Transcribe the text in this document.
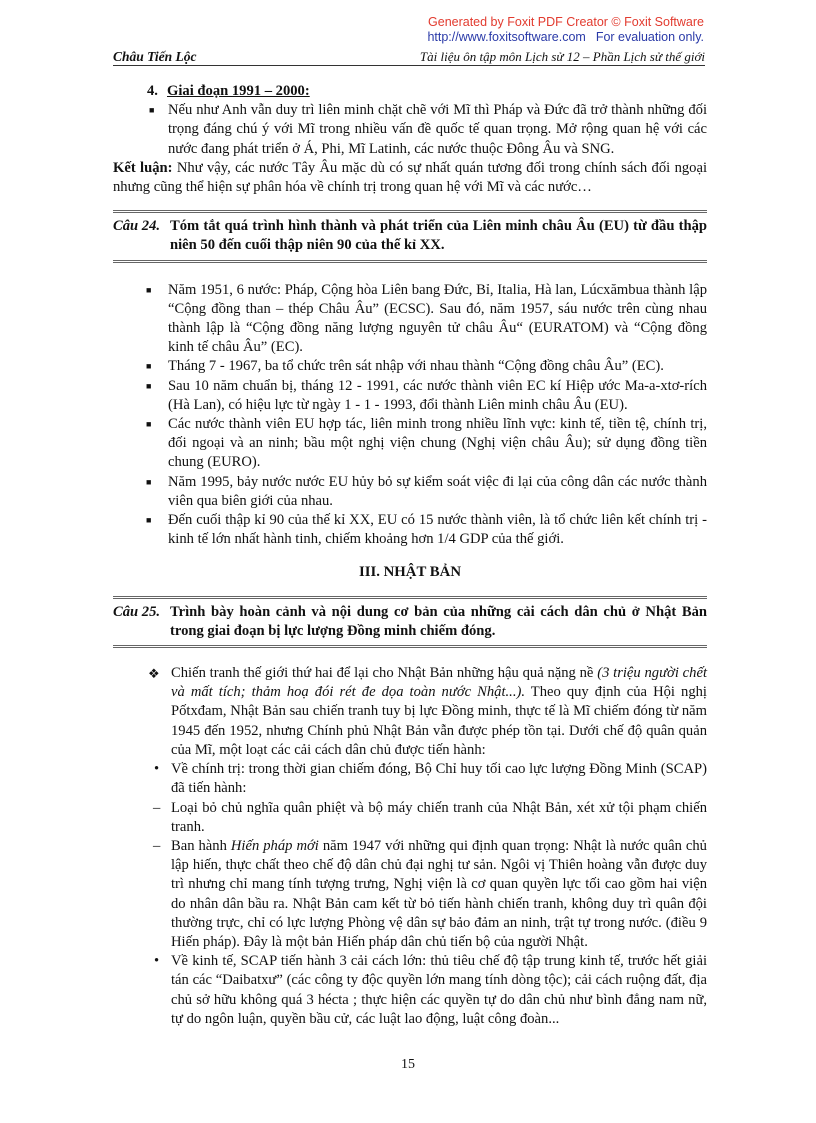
Generated by Foxit PDF Creator © Foxit Software
http://www.foxitsoftware.com For evaluation only.
Châu Tiến Lộc	Tài liệu ôn tập môn Lịch sử 12 – Phần Lịch sử thế giới
4. Giai đoạn 1991 – 2000:
■ Nếu như Anh vẫn duy trì liên minh chặt chẽ với Mĩ thì Pháp và Đức đã trở thành những đối trọng đáng chú ý với Mĩ trong nhiều vấn đề quốc tế quan trọng. Mở rộng quan hệ với các nước đang phát triển ở Á, Phi, Mĩ Latinh, các nước thuộc Đông Âu và SNG.
Kết luận: Như vậy, các nước Tây Âu mặc dù có sự nhất quán tương đối trong chính sách đối ngoại nhưng cũng thể hiện sự phân hóa về chính trị trong quan hệ với Mĩ và các nước…
Câu 24. Tóm tắt quá trình hình thành và phát triển của Liên minh châu Âu (EU) từ đầu thập niên 50 đến cuối thập niên 90 của thế kỉ XX.
■ Năm 1951, 6 nước: Pháp, Cộng hòa Liên bang Đức, Bỉ, Italia, Hà lan, Lúcxămbua thành lập “Cộng đồng than – thép Châu Âu” (ECSC). Sau đó, năm 1957, sáu nước trên cùng nhau thành lập là “Cộng đồng năng lượng nguyên tử châu Âu“ (EURATOM) và “Cộng đồng kinh tế châu Âu” (EC).
■ Tháng 7 - 1967, ba tổ chức trên sát nhập với nhau thành “Cộng đồng châu Âu” (EC).
■ Sau 10 năm chuẩn bị, tháng 12 - 1991, các nước thành viên EC kí Hiệp ước Ma-a-xtơ-rích (Hà Lan), có hiệu lực từ ngày 1 - 1 - 1993, đổi thành Liên minh châu Âu (EU).
■ Các nước thành viên EU hợp tác, liên minh trong nhiều lĩnh vực: kinh tế, tiền tệ, chính trị, đối ngoại và an ninh; bầu một nghị viện chung (Nghị viện châu Âu); sử dụng đồng tiền chung (EURO).
■ Năm 1995, bảy nước nước EU hủy bỏ sự kiểm soát việc đi lại của công dân các nước thành viên qua biên giới của nhau.
■ Đến cuối thập kỉ 90 của thế kỉ XX, EU có 15 nước thành viên, là tổ chức liên kết chính trị - kinh tế lớn nhất hành tinh, chiếm khoảng hơn 1/4 GDP của thế giới.
III. NHẬT BẢN
Câu 25. Trình bày hoàn cảnh và nội dung cơ bản của những cải cách dân chủ ở Nhật Bản trong giai đoạn bị lực lượng Đồng minh chiếm đóng.
❖ Chiến tranh thế giới thứ hai để lại cho Nhật Bản những hậu quả nặng nề (3 triệu người chết và mất tích; thảm hoạ đói rét đe dọa toàn nước Nhật...). Theo quy định của Hội nghị Pốtxđam, Nhật Bản sau chiến tranh tuy bị lực Đồng minh, thực tế là Mĩ chiếm đóng từ năm 1945 đến 1952, nhưng Chính phủ Nhật Bản vẫn được phép tồn tại. Dưới chế độ quân quản của Mĩ, một loạt các cải cách dân chủ được tiến hành:
• Về chính trị: trong thời gian chiếm đóng, Bộ Chỉ huy tối cao lực lượng Đồng Minh (SCAP) đã tiến hành:
– Loại bỏ chủ nghĩa quân phiệt và bộ máy chiến tranh của Nhật Bản, xét xử tội phạm chiến tranh.
– Ban hành Hiến pháp mới năm 1947 với những qui định quan trọng: Nhật là nước quân chủ lập hiến, thực chất theo chế độ dân chủ đại nghị tư sản. Ngôi vị Thiên hoàng vẫn được duy trì nhưng chỉ mang tính tượng trưng, Nghị viện là cơ quan quyền lực tối cao gồm hai viện do nhân dân bầu ra. Nhật Bản cam kết từ bỏ tiến hành chiến tranh, không duy trì quân đội thường trực, chỉ có lực lượng Phòng vệ dân sự bảo đảm an ninh, trật tự trong nước. (điều 9 Hiến pháp). Đây là một bản Hiến pháp dân chủ tiến bộ của người Nhật.
• Về kinh tế, SCAP tiến hành 3 cải cách lớn: thủ tiêu chế độ tập trung kinh tế, trước hết giải tán các “Daibatxư” (các công ty độc quyền lớn mang tính dòng tộc); cải cách ruộng đất, địa chủ sở hữu không quá 3 hécta ; thực hiện các quyền tự do dân chủ như bình đẳng nam nữ, tự do ngôn luận, quyền bầu cử, các luật lao động, luật công đoàn...
15
